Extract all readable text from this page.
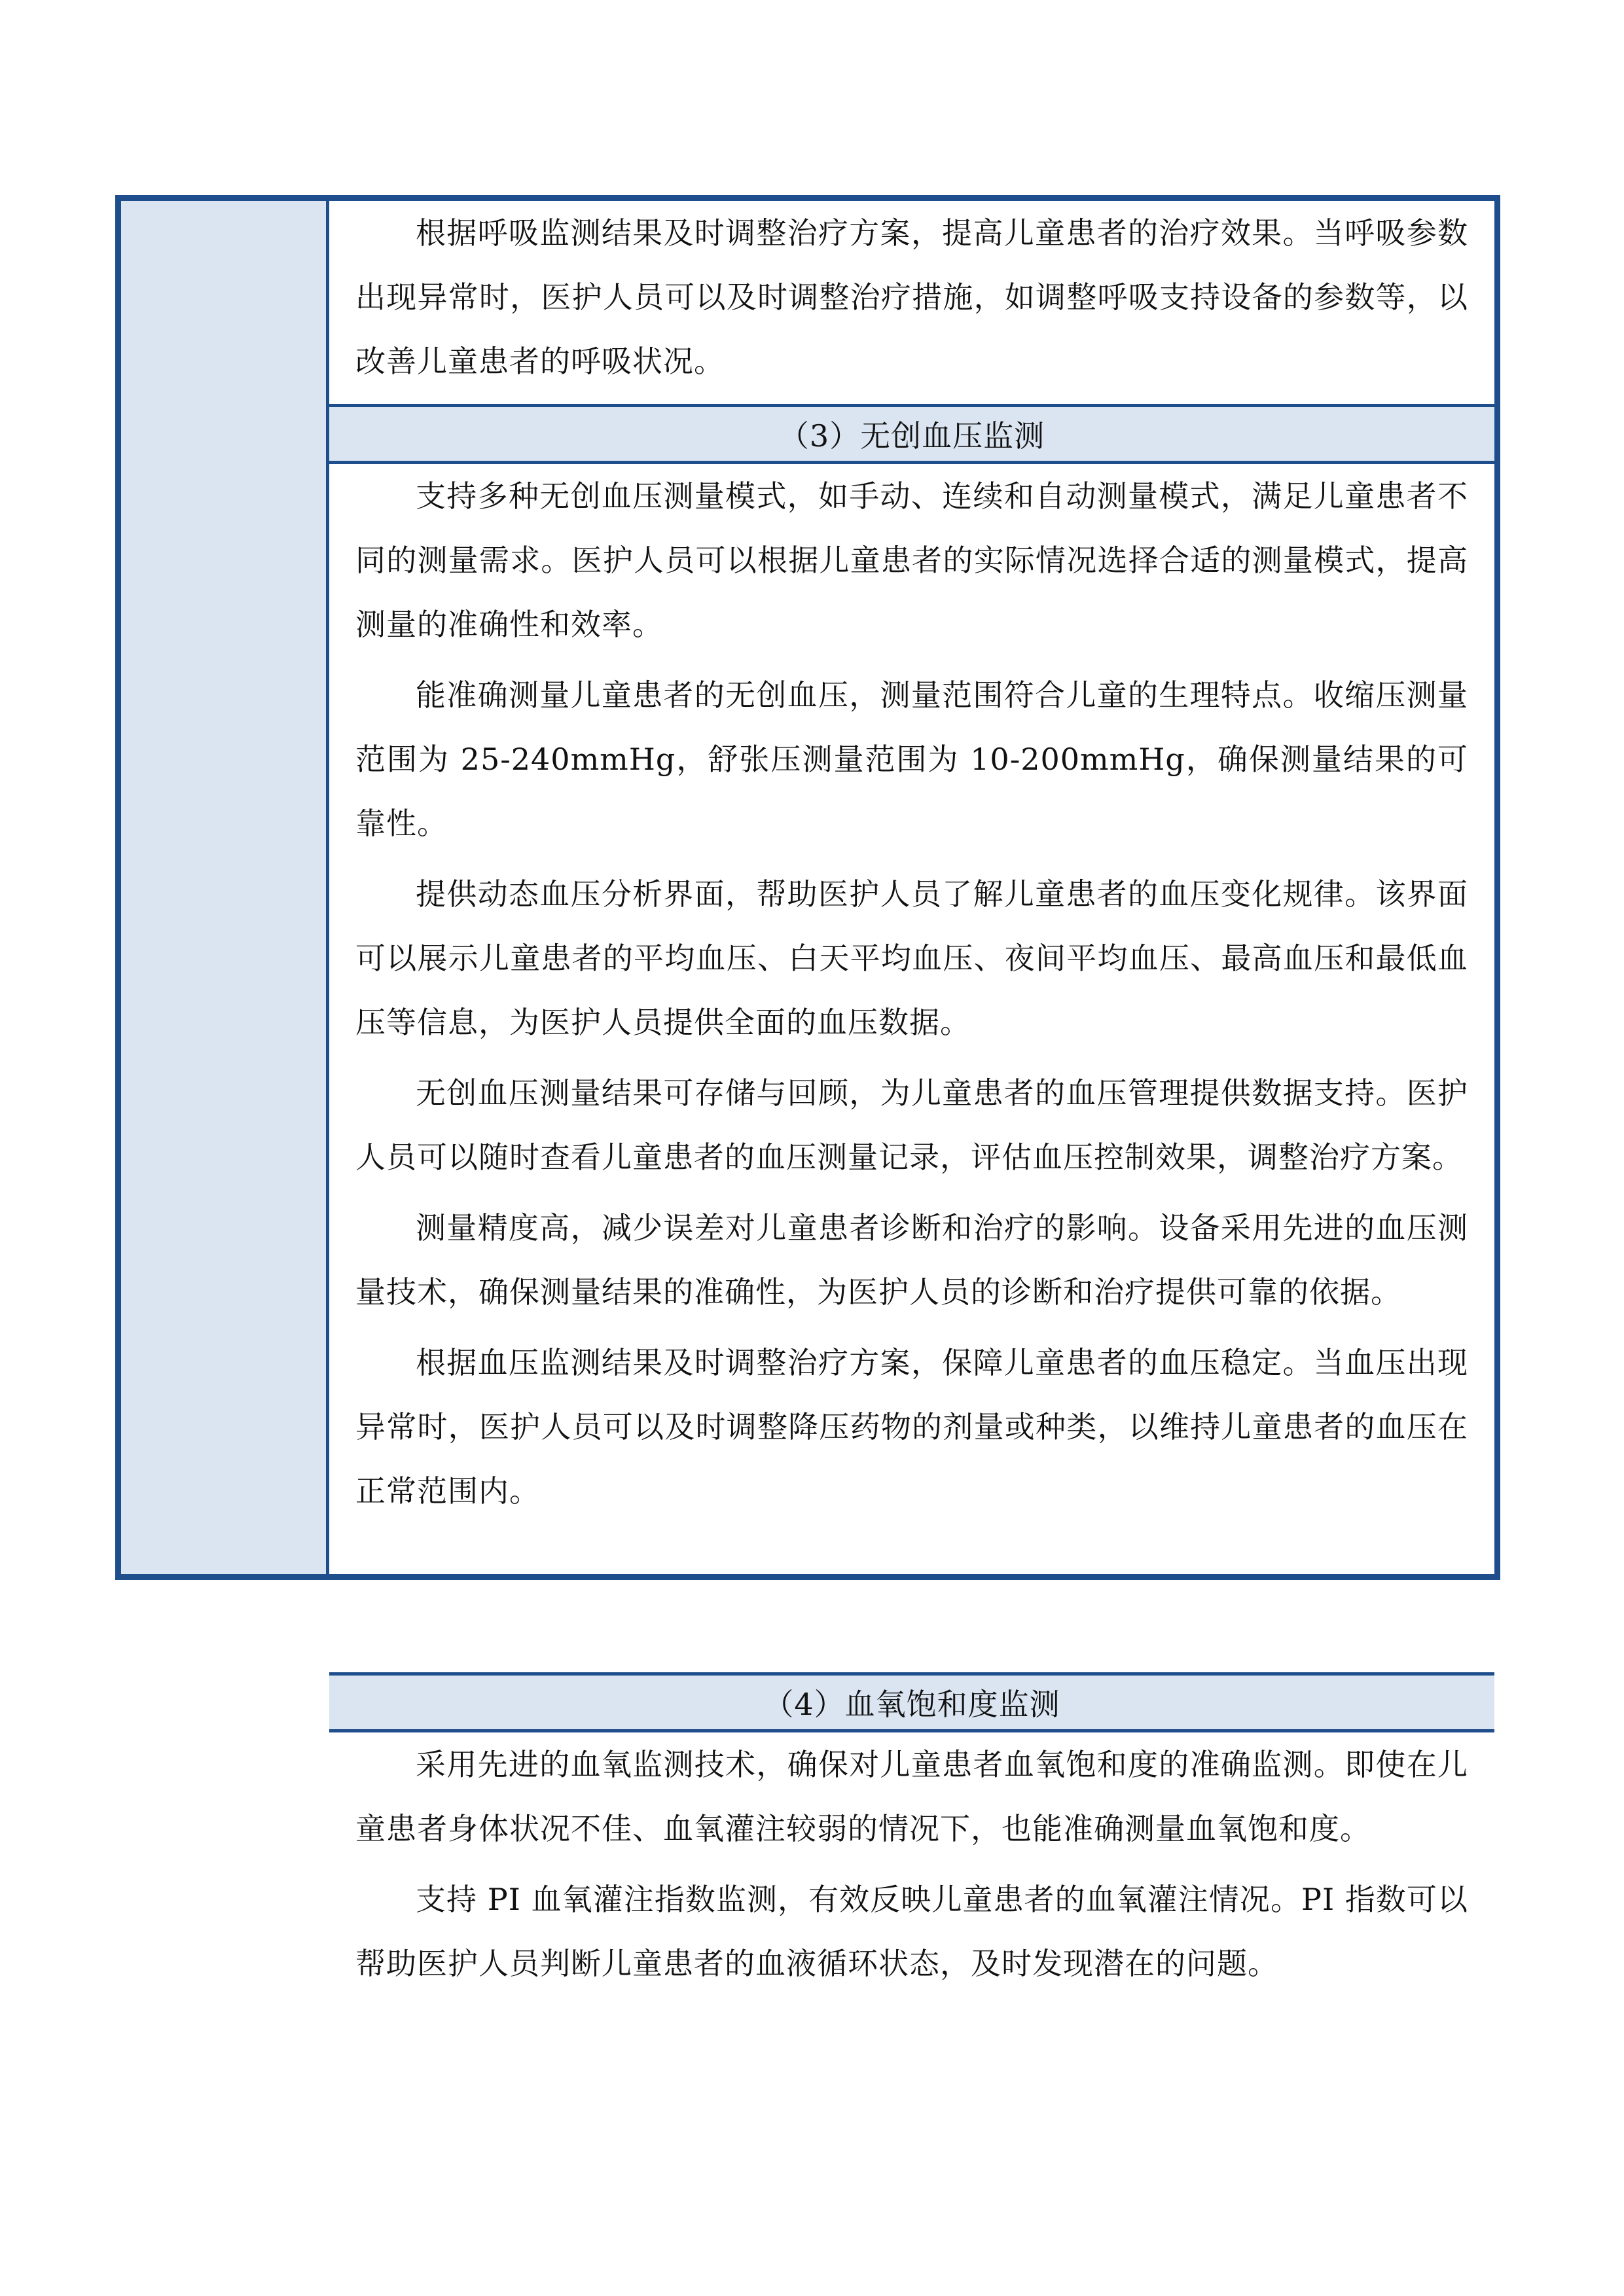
根据呼吸监测结果及时调整治疗方案，提高儿童患者的治疗效果。当呼吸参数出现异常时，医护人员可以及时调整治疗措施，如调整呼吸支持设备的参数等，以改善儿童患者的呼吸状况。

（3）无创血压监测

支持多种无创血压测量模式，如手动、连续和自动测量模式，满足儿童患者不同的测量需求。医护人员可以根据儿童患者的实际情况选择合适的测量模式，提高测量的准确性和效率。

能准确测量儿童患者的无创血压，测量范围符合儿童的生理特点。收缩压测量范围为 25-240mmHg，舒张压测量范围为 10-200mmHg，确保测量结果的可靠性。

提供动态血压分析界面，帮助医护人员了解儿童患者的血压变化规律。该界面可以展示儿童患者的平均血压、白天平均血压、夜间平均血压、最高血压和最低血压等信息，为医护人员提供全面的血压数据。

无创血压测量结果可存储与回顾，为儿童患者的血压管理提供数据支持。医护人员可以随时查看儿童患者的血压测量记录，评估血压控制效果，调整治疗方案。

测量精度高，减少误差对儿童患者诊断和治疗的影响。设备采用先进的血压测量技术，确保测量结果的准确性，为医护人员的诊断和治疗提供可靠的依据。

根据血压监测结果及时调整治疗方案，保障儿童患者的血压稳定。当血压出现异常时，医护人员可以及时调整降压药物的剂量或种类，以维持儿童患者的血压在正常范围内。

（4）血氧饱和度监测

采用先进的血氧监测技术，确保对儿童患者血氧饱和度的准确监测。即使在儿童患者身体状况不佳、血氧灌注较弱的情况下，也能准确测量血氧饱和度。

支持 PI 血氧灌注指数监测，有效反映儿童患者的血氧灌注情况。PI 指数可以帮助医护人员判断儿童患者的血液循环状态，及时发现潜在的问题。
